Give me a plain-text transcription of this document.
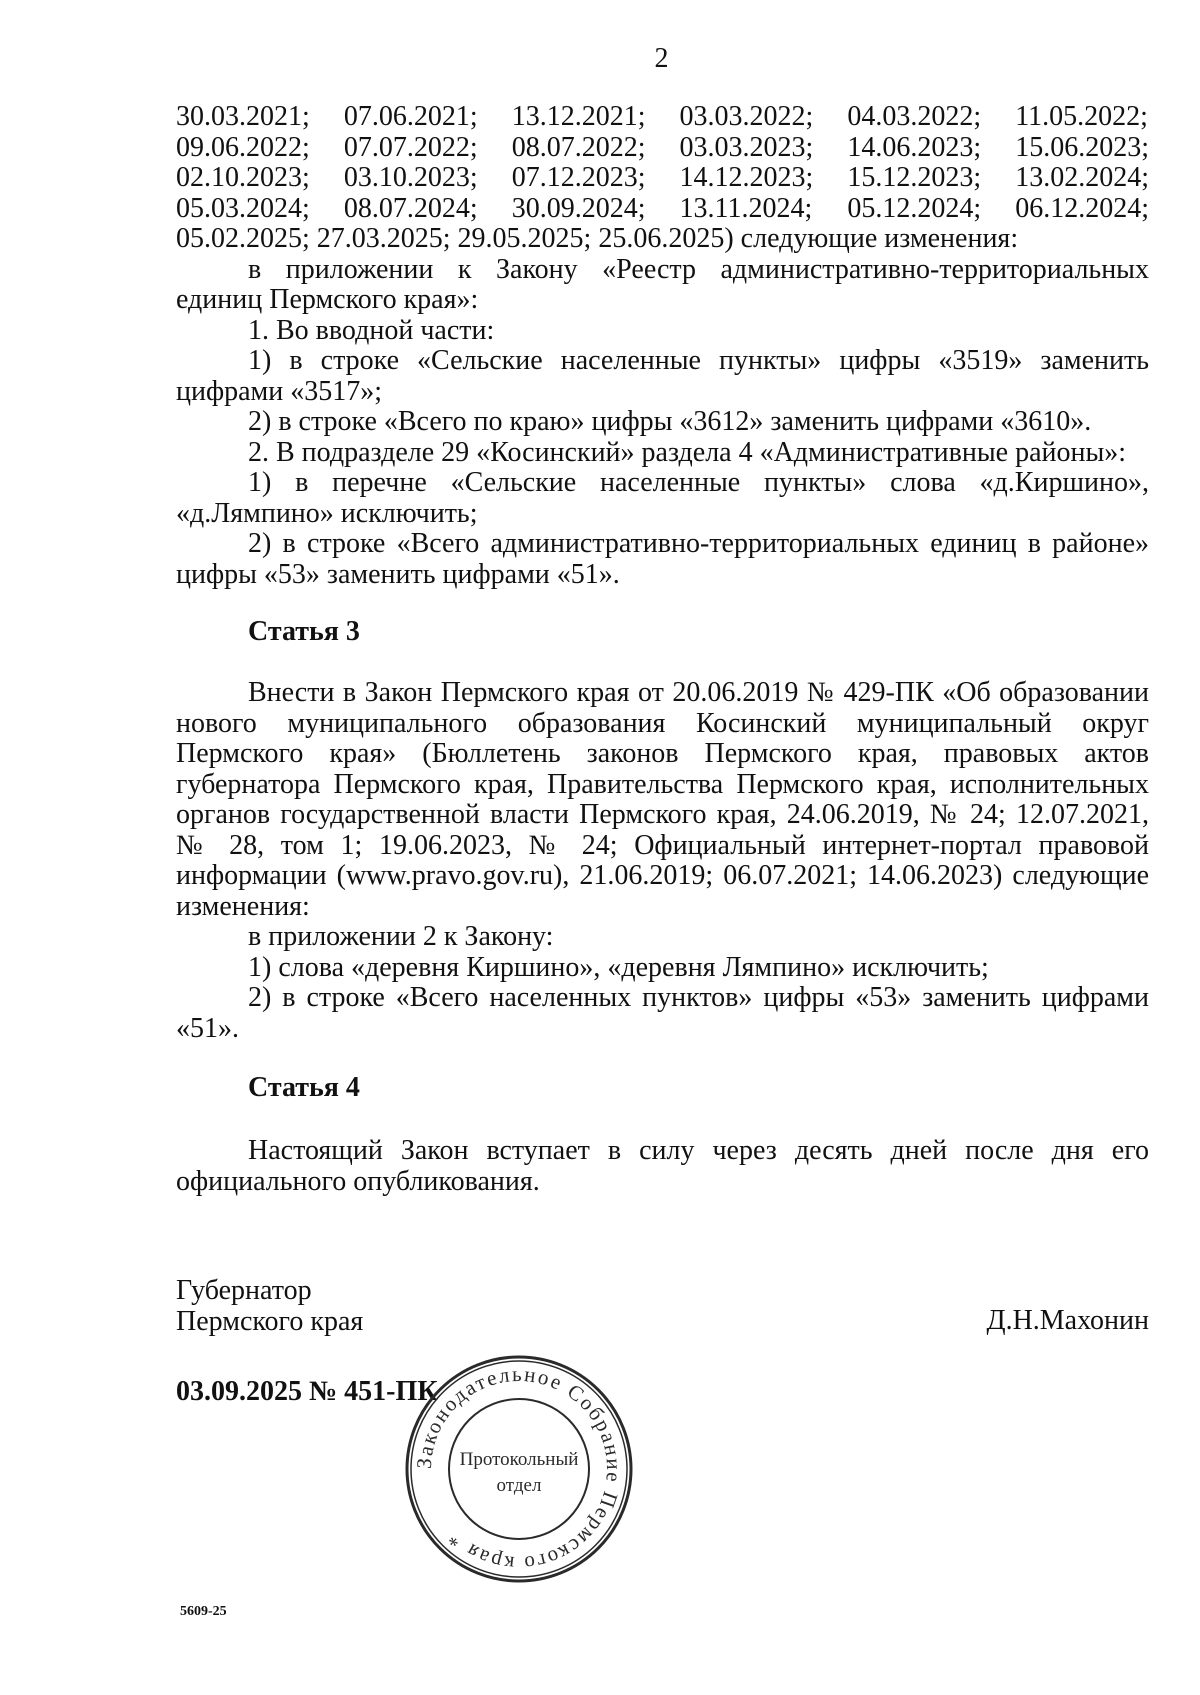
2
30.03.2021; 07.06.2021; 13.12.2021; 03.03.2022; 04.03.2022; 11.05.2022;
09.06.2022; 07.07.2022; 08.07.2022; 03.03.2023; 14.06.2023; 15.06.2023;
02.10.2023; 03.10.2023; 07.12.2023; 14.12.2023; 15.12.2023; 13.02.2024;
05.03.2024; 08.07.2024; 30.09.2024; 13.11.2024; 05.12.2024; 06.12.2024;

05.02.2025; 27.03.2025; 29.05.2025; 25.06.2025) следующие изменения:

в приложении к Закону «Реестр административно-территориальных единиц Пермского края»:

1. Во вводной части:

1) в строке «Сельские населенные пункты» цифры «3519» заменить цифрами «3517»;

2) в строке «Всего по краю» цифры «3612» заменить цифрами «3610».

2. В подразделе 29 «Косинский» раздела 4 «Административные районы»:

1) в перечне «Сельские населенные пункты» слова «д.Киршино», «д.Лямпино» исключить;

2) в строке «Всего административно-территориальных единиц в районе» цифры «53» заменить цифрами «51».

Статья 3

Внести в Закон Пермского края от 20.06.2019 № 429-ПК «Об образовании нового муниципального образования Косинский муниципальный округ Пермского края» (Бюллетень законов Пермского края, правовых актов губернатора Пермского края, Правительства Пермского края, исполнительных органов государственной власти Пермского края, 24.06.2019, № 24; 12.07.2021, № 28, том 1; 19.06.2023, № 24; Официальный интернет-портал правовой информации (www.pravo.gov.ru), 21.06.2019; 06.07.2021; 14.06.2023) следующие изменения:

в приложении 2 к Закону:

1) слова «деревня Киршино», «деревня Лямпино» исключить;

2) в строке «Всего населенных пунктов» цифры «53» заменить цифрами «51».

Статья 4

Настоящий Закон вступает в силу через десять дней после дня его официального опубликования.

Губернатор
Пермского края	Д.Н.Махонин
03.09.2025 № 451-ПК
Законодательное Собрание Пермского края *
Протокольный
отдел
5609-25
